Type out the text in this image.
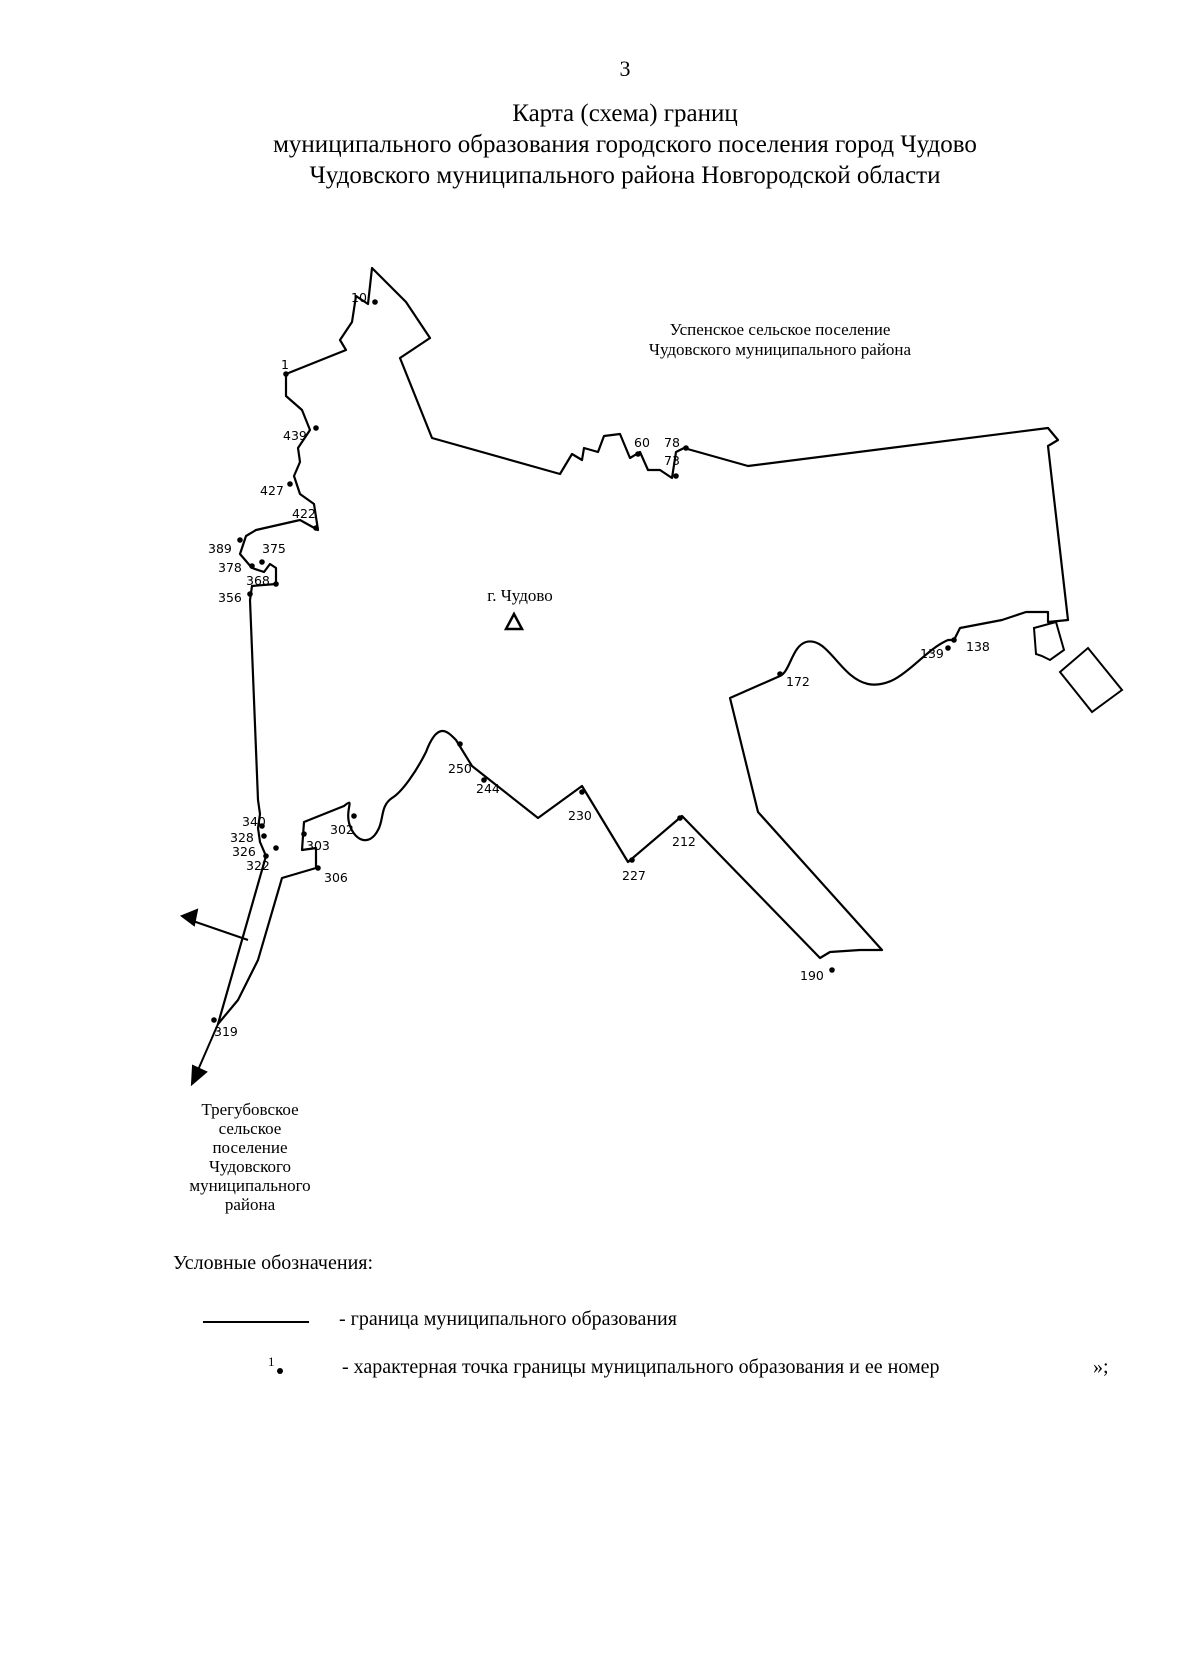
3
Карта (схема) границ
муниципального образования городского поселения город Чудово
Чудовского муниципального района Новгородской области
10
1
439
427
422
389 375
378
368
356
340
328
326
322
303
302
306
319
250
244
230
227
212
190
172
139 138
60 78
73
Успенское сельское поселение
Чудовского муниципального района
г. Чудово
Трегубовское
сельское
поселение
Чудовского
муниципального
района
Условные обозначения:
- граница муниципального образования
1	- характерная точка границы муниципального образования и ее номер	»;
